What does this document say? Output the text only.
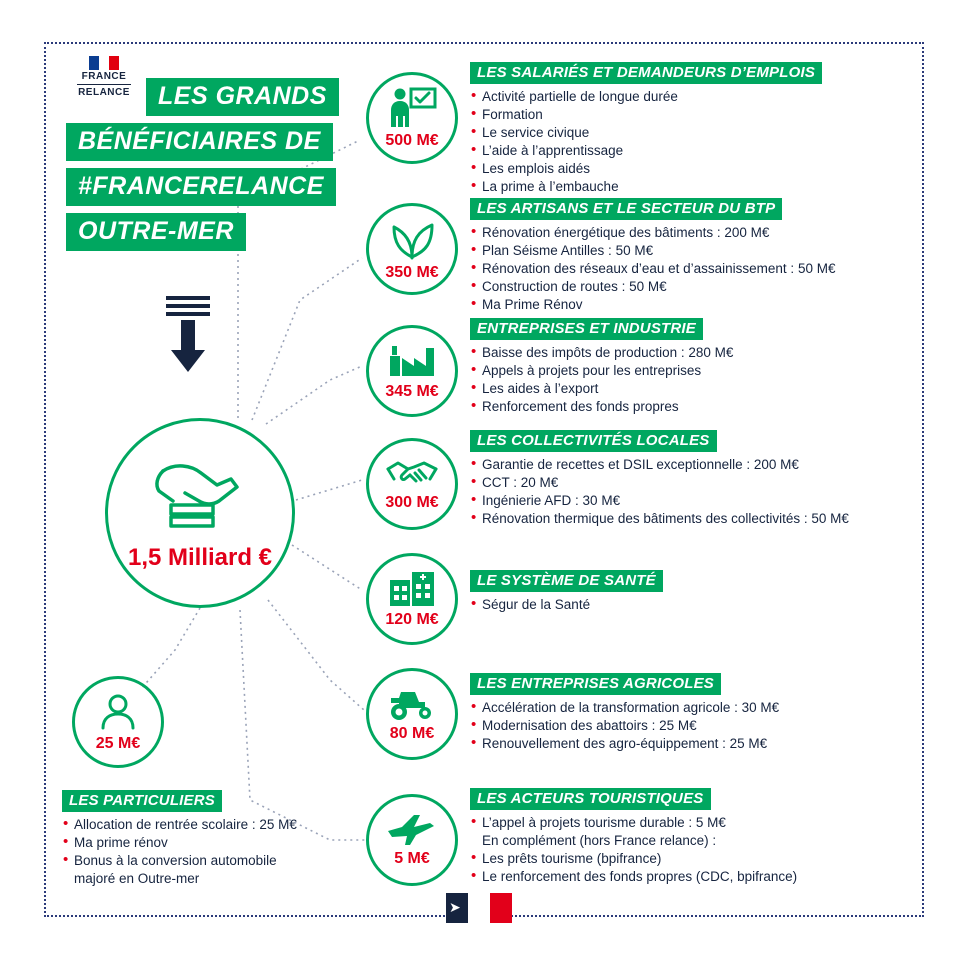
FRANCE
RELANCE	LES GRANDS
BÉNÉFICIAIRES DE
#FRANCERELANCE
OUTRE-MER
1,5 Milliard €
500 M€
LES SALARIÉS ET DEMANDEURS D’EMPLOIS
• Activité partielle de longue durée
• Formation
• Le service civique
• L’aide à l’apprentissage
• Les emplois aidés
• La prime à l’embauche
350 M€
LES ARTISANS ET LE SECTEUR DU BTP
• Rénovation énergétique des bâtiments : 200 M€
• Plan Séisme Antilles : 50 M€
• Rénovation des réseaux d’eau et d’assainissement : 50 M€
• Construction de routes : 50 M€
• Ma Prime Rénov
345 M€
ENTREPRISES ET INDUSTRIE
• Baisse des impôts de production : 280 M€
• Appels à projets pour les entreprises
• Les aides à l’export
• Renforcement des fonds propres
300 M€
LES COLLECTIVITÉS LOCALES
• Garantie de recettes et DSIL exceptionnelle : 200 M€
• CCT : 20 M€
• Ingénierie AFD : 30 M€
• Rénovation thermique des bâtiments des collectivités : 50 M€
120 M€
LE SYSTÈME DE SANTÉ
• Ségur de la Santé
25 M€
LES PARTICULIERS
• Allocation de rentrée scolaire : 25 M€
• Ma prime rénov
• Bonus à la conversion automobile
majoré en Outre-mer
80 M€
LES ENTREPRISES AGRICOLES
• Accélération de la transformation agricole : 30 M€
• Modernisation des abattoirs : 25 M€
• Renouvellement des agro-équippement : 25 M€
5 M€
LES ACTEURS TOURISTIQUES
• L’appel à projets tourisme durable : 5 M€
En complément (hors France relance) :
• Les prêts tourisme (bpifrance)
• Le renforcement des fonds propres (CDC, bpifrance)
➤
